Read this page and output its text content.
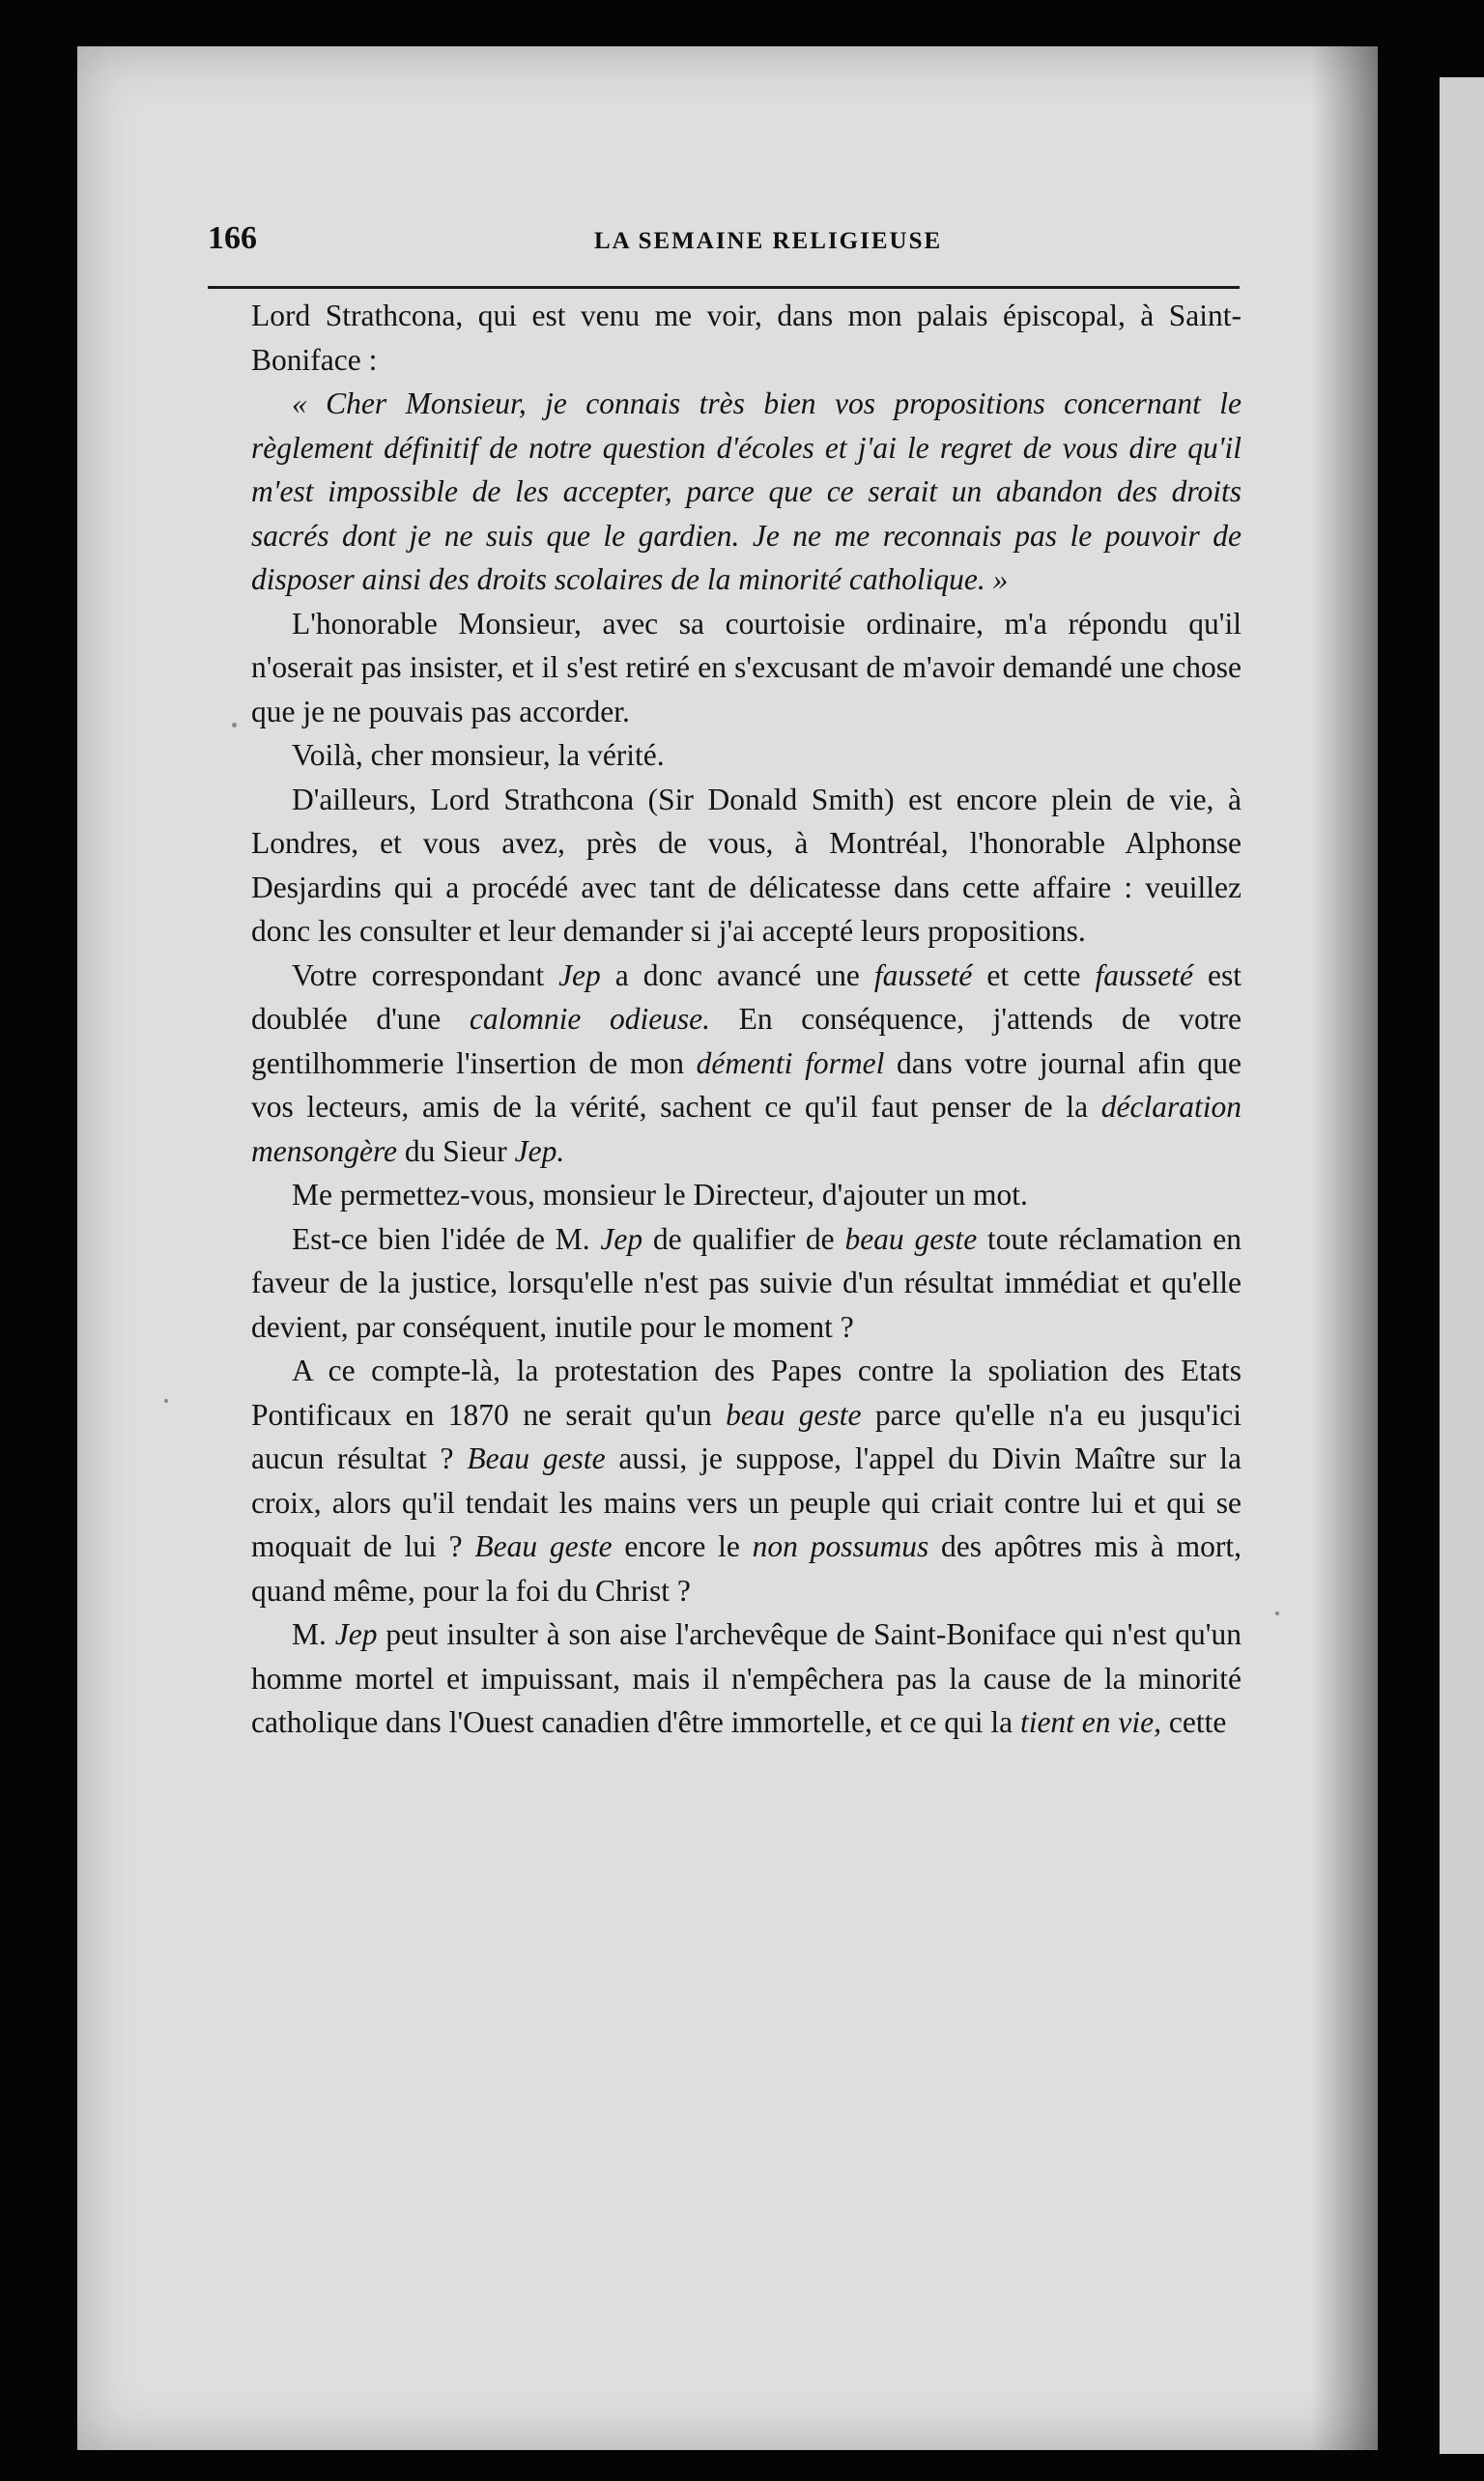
166	LA SEMAINE RELIGIEUSE

Lord Strathcona, qui est venu me voir, dans mon palais épiscopal, à Saint-Boniface :

« Cher Monsieur, je connais très bien vos propositions concernant le règlement définitif de notre question d'écoles et j'ai le regret de vous dire qu'il m'est impossible de les accepter, parce que ce serait un abandon des droits sacrés dont je ne suis que le gardien. Je ne me reconnais pas le pouvoir de disposer ainsi des droits scolaires de la minorité catholique. »

L'honorable Monsieur, avec sa courtoisie ordinaire, m'a répondu qu'il n'oserait pas insister, et il s'est retiré en s'excusant de m'avoir demandé une chose que je ne pouvais pas accorder.

Voilà, cher monsieur, la vérité.

D'ailleurs, Lord Strathcona (Sir Donald Smith) est encore plein de vie, à Londres, et vous avez, près de vous, à Montréal, l'honorable Alphonse Desjardins qui a procédé avec tant de délicatesse dans cette affaire : veuillez donc les consulter et leur demander si j'ai accepté leurs propositions.

Votre correspondant Jep a donc avancé une fausseté et cette fausseté est doublée d'une calomnie odieuse. En conséquence, j'attends de votre gentilhommerie l'insertion de mon démenti formel dans votre journal afin que vos lecteurs, amis de la vérité, sachent ce qu'il faut penser de la déclaration mensongère du Sieur Jep.

Me permettez-vous, monsieur le Directeur, d'ajouter un mot.

Est-ce bien l'idée de M. Jep de qualifier de beau geste toute réclamation en faveur de la justice, lorsqu'elle n'est pas suivie d'un résultat immédiat et qu'elle devient, par conséquent, inutile pour le moment ?

A ce compte-là, la protestation des Papes contre la spoliation des Etats Pontificaux en 1870 ne serait qu'un beau geste parce qu'elle n'a eu jusqu'ici aucun résultat ? Beau geste aussi, je suppose, l'appel du Divin Maître sur la croix, alors qu'il tendait les mains vers un peuple qui criait contre lui et qui se moquait de lui ? Beau geste encore le non possumus des apôtres mis à mort, quand même, pour la foi du Christ ?

M. Jep peut insulter à son aise l'archevêque de Saint-Boniface qui n'est qu'un homme mortel et impuissant, mais il n'empêchera pas la cause de la minorité catholique dans l'Ouest canadien d'être immortelle, et ce qui la tient en vie, cette
